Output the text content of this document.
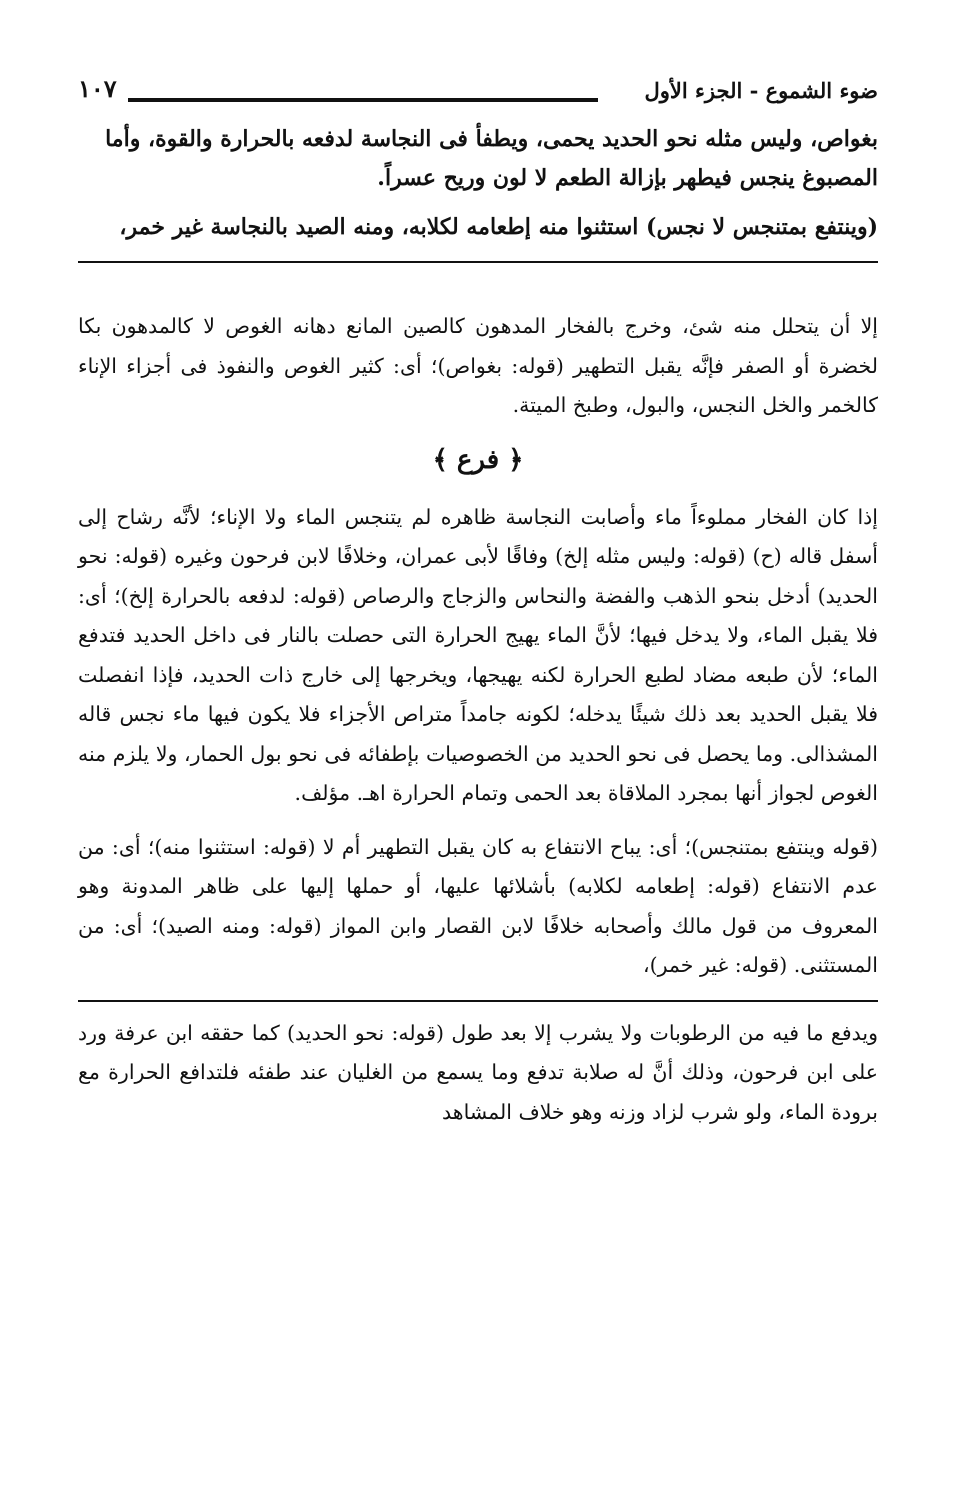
ضوء الشموع - الجزء الأول
١٠٧

بغواص، وليس مثله نحو الحديد يحمى، ويطفأ فى النجاسة لدفعه بالحرارة والقوة، وأما

المصبوغ ينجس فيطهر بإزالة الطعم لا لون وريح عسراً.

(وينتفع بمتنجس لا نجس) استثنوا منه إطعامه لكلابه، ومنه الصيد بالنجاسة غير خمر،

إلا أن يتحلل منه شئ، وخرج بالفخار المدهون كالصين المانع دهانه الغوص لا كالمدهون بكا لخضرة أو الصفر فإنَّه يقبل التطهير (قوله: بغواص)؛ أى: كثير الغوص والنفوذ فى أجزاء الإناء كالخمر والخل النجس، والبول، وطبخ الميتة.

﴿ فرع ﴾

إذا كان الفخار مملوءاً ماء وأصابت النجاسة ظاهره لم يتنجس الماء ولا الإناء؛ لأنَّه رشاح إلى أسفل قاله (ح) (قوله: وليس مثله إلخ) وفاقًا لأبى عمران، وخلافًا لابن فرحون وغيره (قوله: نحو الحديد) أدخل بنحو الذهب والفضة والنحاس والزجاج والرصاص (قوله: لدفعه بالحرارة إلخ)؛ أى: فلا يقبل الماء، ولا يدخل فيها؛ لأنَّ الماء يهيج الحرارة التى حصلت بالنار فى داخل الحديد فتدفع الماء؛ لأن طبعه مضاد لطبع الحرارة لكنه يهيجها، ويخرجها إلى خارج ذات الحديد، فإذا انفصلت فلا يقبل الحديد بعد ذلك شيئًا يدخله؛ لكونه جامداً متراص الأجزاء فلا يكون فيها ماء نجس قاله المشذالى. وما يحصل فى نحو الحديد من الخصوصيات بإطفائه فى نحو بول الحمار، ولا يلزم منه الغوص لجواز أنها بمجرد الملاقاة بعد الحمى وتمام الحرارة اهـ. مؤلف.

(قوله وينتفع بمتنجس)؛ أى: يباح الانتفاع به كان يقبل التطهير أم لا (قوله: استثنوا منه)؛ أى: من عدم الانتفاع (قوله: إطعامه لكلابه) بأشلائها عليها، أو حملها إليها على ظاهر المدونة وهو المعروف من قول مالك وأصحابه خلافًا لابن القصار وابن المواز (قوله: ومنه الصيد)؛ أى: من المستثنى. (قوله: غير خمر)،

ويدفع ما فيه من الرطوبات ولا يشرب إلا بعد طول (قوله: نحو الحديد) كما حققه ابن عرفة ورد على ابن فرحون، وذلك أنَّ له صلابة تدفع وما يسمع من الغليان عند طفئه فلتدافع الحرارة مع برودة الماء، ولو شرب لزاد وزنه وهو خلاف المشاهد
